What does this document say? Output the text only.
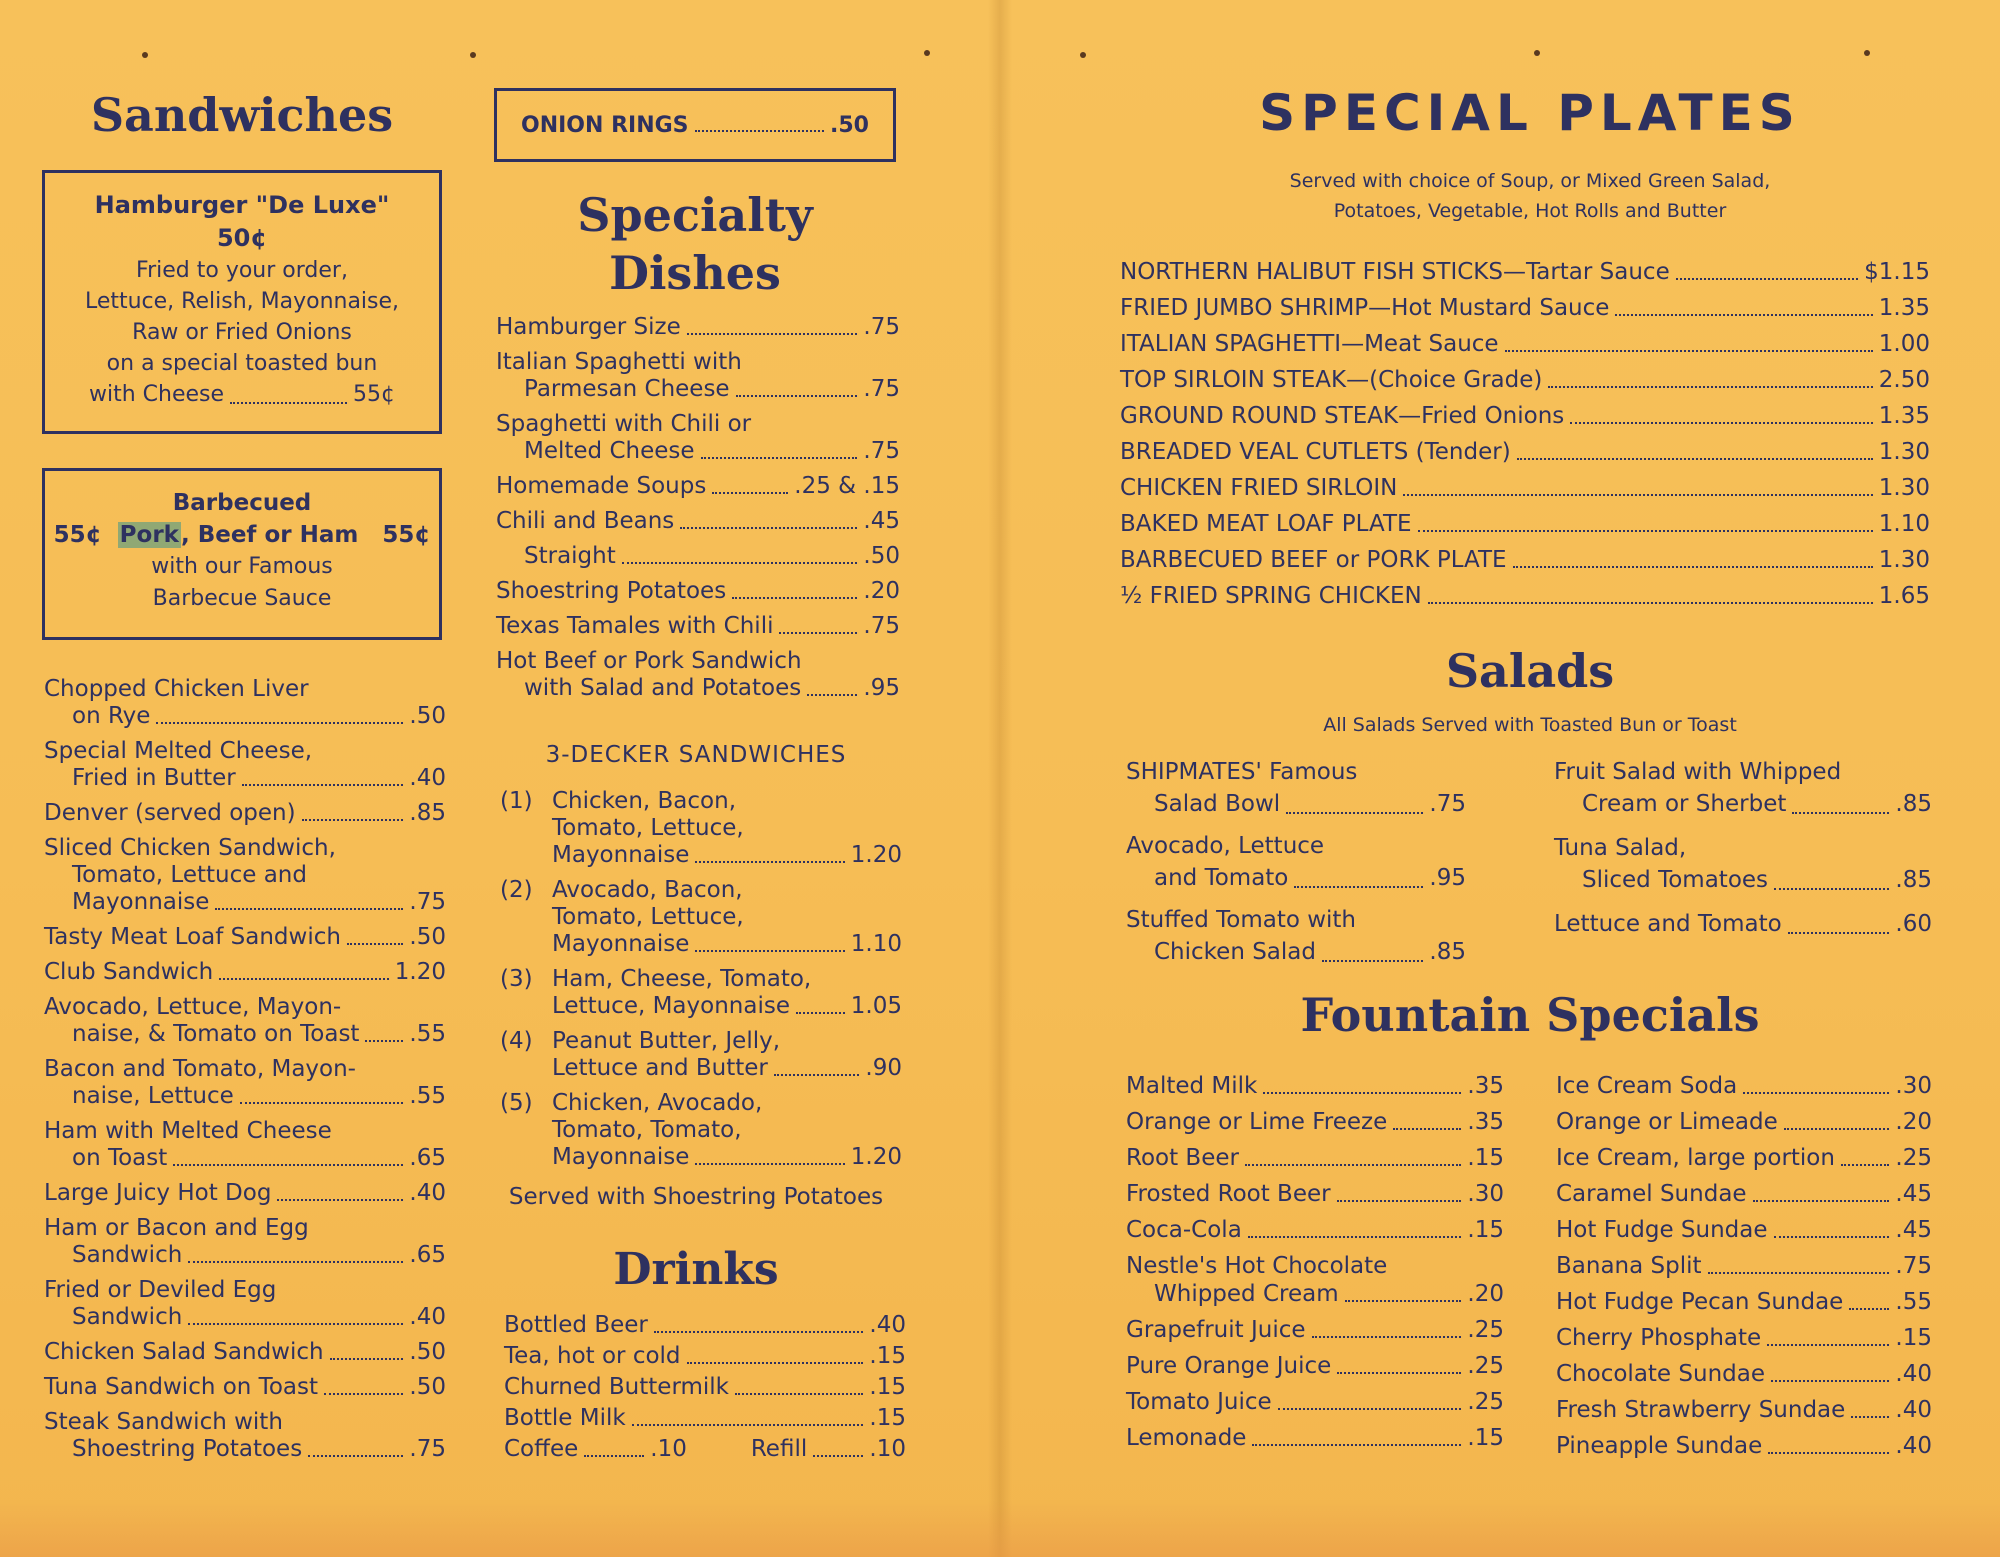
Sandwiches
Hamburger "De Luxe"
50¢
Fried to your order,
Lettuce, Relish, Mayonnaise,
Raw or Fried Onions
on a special toasted bun
with Cheese	55¢
Barbecued
55¢ Pork, Beef or Ham 55¢
with our Famous
Barbecue Sauce
Chopped Chicken Liver
on Rye	.50
Special Melted Cheese,
Fried in Butter	.40
Denver (served open)	.85
Sliced Chicken Sandwich,
Tomato, Lettuce and
Mayonnaise	.75
Tasty Meat Loaf Sandwich	.50
Club Sandwich	1.20
Avocado, Lettuce, Mayon-
naise, & Tomato on Toast .55
Bacon and Tomato, Mayon-
naise, Lettuce	.55
Ham with Melted Cheese
on Toast	.65
Large Juicy Hot Dog	.40
Ham or Bacon and Egg
Sandwich	.65
Fried or Deviled Egg
Sandwich	.40
Chicken Salad Sandwich	.50
Tuna Sandwich on Toast	.50
Steak Sandwich with
Shoestring Potatoes	.75
ONION RINGS	.50
Specialty
Dishes
Hamburger Size	.75
Italian Spaghetti with
Parmesan Cheese	.75
Spaghetti with Chili or
Melted Cheese	.75
Homemade Soups	.25 & .15
Chili and Beans	.45
Straight	.50
Shoestring Potatoes	.20
Texas Tamales with Chili	.75
Hot Beef or Pork Sandwich
with Salad and Potatoes	.95
3-DECKER SANDWICHES
(1) Chicken, Bacon,
Tomato, Lettuce,
Mayonnaise	1.20
(2) Avocado, Bacon,
Tomato, Lettuce,
Mayonnaise	1.10
(3) Ham, Cheese, Tomato,
Lettuce, Mayonnaise	1.05
(4) Peanut Butter, Jelly,
Lettuce and Butter	.90
(5) Chicken, Avocado,
Tomato, Tomato,
Mayonnaise	1.20
Served with Shoestring Potatoes
Drinks
Bottled Beer	.40
Tea, hot or cold	.15
Churned Buttermilk	.15
Bottle Milk	.15
Coffee	.10	Refill	.10
SPECIAL PLATES
Served with choice of Soup, or Mixed Green Salad,
Potatoes, Vegetable, Hot Rolls and Butter
NORTHERN HALIBUT FISH STICKS—Tartar Sauce	$1.15
FRIED JUMBO SHRIMP—Hot Mustard Sauce	1.35
ITALIAN SPAGHETTI—Meat Sauce	1.00
TOP SIRLOIN STEAK—(Choice Grade)	2.50
GROUND ROUND STEAK—Fried Onions	1.35
BREADED VEAL CUTLETS (Tender)	1.30
CHICKEN FRIED SIRLOIN	1.30
BAKED MEAT LOAF PLATE	1.10
BARBECUED BEEF or PORK PLATE	1.30
½ FRIED SPRING CHICKEN	1.65
Salads
All Salads Served with Toasted Bun or Toast
SHIPMATES' Famous
Salad Bowl	.75
Avocado, Lettuce
and Tomato	.95
Stuffed Tomato with
Chicken Salad	.85
Fruit Salad with Whipped
Cream or Sherbet	.85
Tuna Salad,
Sliced Tomatoes	.85
Lettuce and Tomato	.60
Fountain Specials
Malted Milk	.35
Orange or Lime Freeze	.35
Root Beer	.15
Frosted Root Beer	.30
Coca-Cola	.15
Nestle's Hot Chocolate
Whipped Cream	.20
Grapefruit Juice	.25
Pure Orange Juice	.25
Tomato Juice	.25
Lemonade	.15
Ice Cream Soda	.30
Orange or Limeade	.20
Ice Cream, large portion	.25
Caramel Sundae	.45
Hot Fudge Sundae	.45
Banana Split	.75
Hot Fudge Pecan Sundae .55
Cherry Phosphate	.15
Chocolate Sundae	.40
Fresh Strawberry Sundae .40
Pineapple Sundae	.40
